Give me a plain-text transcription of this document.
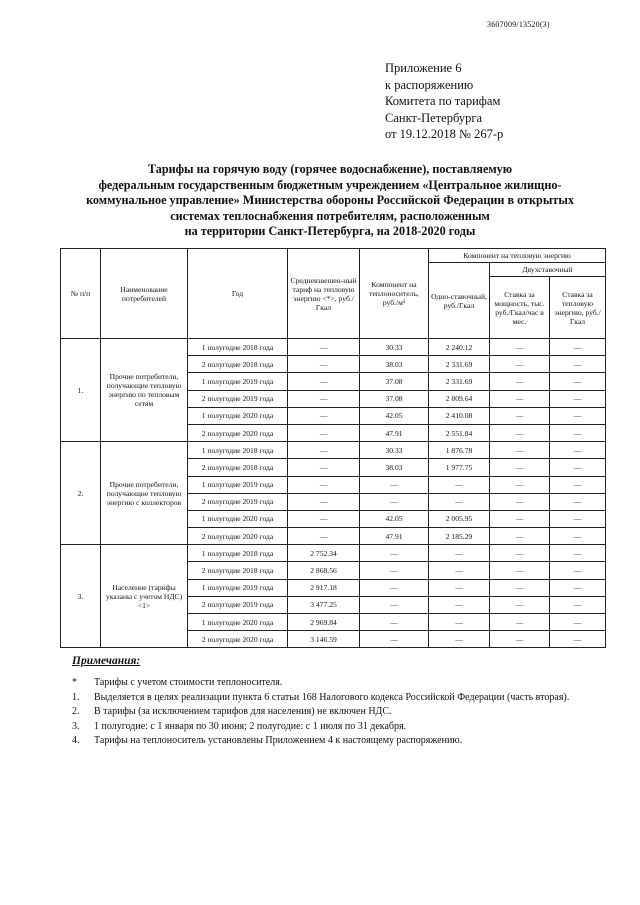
3607009/13520(3)
Приложение 6
к распоряжению
Комитета по тарифам
Санкт-Петербурга
от 19.12.2018 № 267-р
Тарифы на горячую воду (горячее водоснабжение), поставляемую
федеральным государственным бюджетным учреждением «Центральное жилищно-
коммунальное управление» Министерства обороны Российской Федерации в открытых
системах теплоснабжения потребителям, расположенным
на территории Санкт-Петербурга, на 2018-2020 годы
№ п/п	Наименование потребителей	Год	Средневзвешен-ный тариф на тепловую энергию <*>, руб./Гкал	Компонент на теплоноситель, руб./м³	Компонент на тепловую энергию		
					Одно-ставочный, руб./Гкал	Двухставочный	
						Ставка за мощность, тыс. руб./Гкал/час в мес.	Ставка за тепловую энергию, руб./Гкал
1.	Прочие потребители, получающие тепловую энергию по тепловым сетям	1 полугодие 2018 года	—	30.33	2 240.12	—	—
		2 полугодие 2018 года	—	38.03	2 331.69	—	—
		1 полугодие 2019 года	—	37.08	2 331.69	—	—
		2 полугодие 2019 года	—	37.08	2 809.64	—	—
		1 полугодие 2020 года	—	42.05	2 410.08	—	—
		2 полугодие 2020 года	—	47.91	2 551.84	—	—
2.	Прочие потребители, получающие тепловую энергию с коллекторов	1 полугодие 2018 года	—	30.33	1 876.78	—	—
		2 полугодие 2018 года	—	38.03	1 977.75	—	—
		1 полугодие 2019 года	—	—	—	—	—
		2 полугодие 2019 года	—	—	—	—	—
		1 полугодие 2020 года	—	42.05	2 005.95	—	—
		2 полугодие 2020 года	—	47.91	2 185.29	—	—
3.	Население (тарифы указаны с учетом НДС) <1>	1 полугодие 2018 года	2 752.34	—	—	—	—
		2 полугодие 2018 года	2 868.56	—	—	—	—
		1 полугодие 2019 года	2 917.18	—	—	—	—
		2 полугодие 2019 года	3 477.25	—	—	—	—
		1 полугодие 2020 года	2 969.84	—	—	—	—
		2 полугодие 2020 года	3 146.59	—	—	—	—
Примечания:
*	Тарифы с учетом стоимости теплоносителя.
1.	Выделяется в целях реализации пункта 6 статьи 168 Налогового кодекса Российской Федерации (часть вторая).
2.	В тарифы (за исключением тарифов для населения) не включен НДС.
3.	1 полугодие: с 1 января по 30 июня; 2 полугодие: с 1 июля по 31 декабря.
4.	Тарифы на теплоноситель установлены Приложением 4 к настоящему распоряжению.
